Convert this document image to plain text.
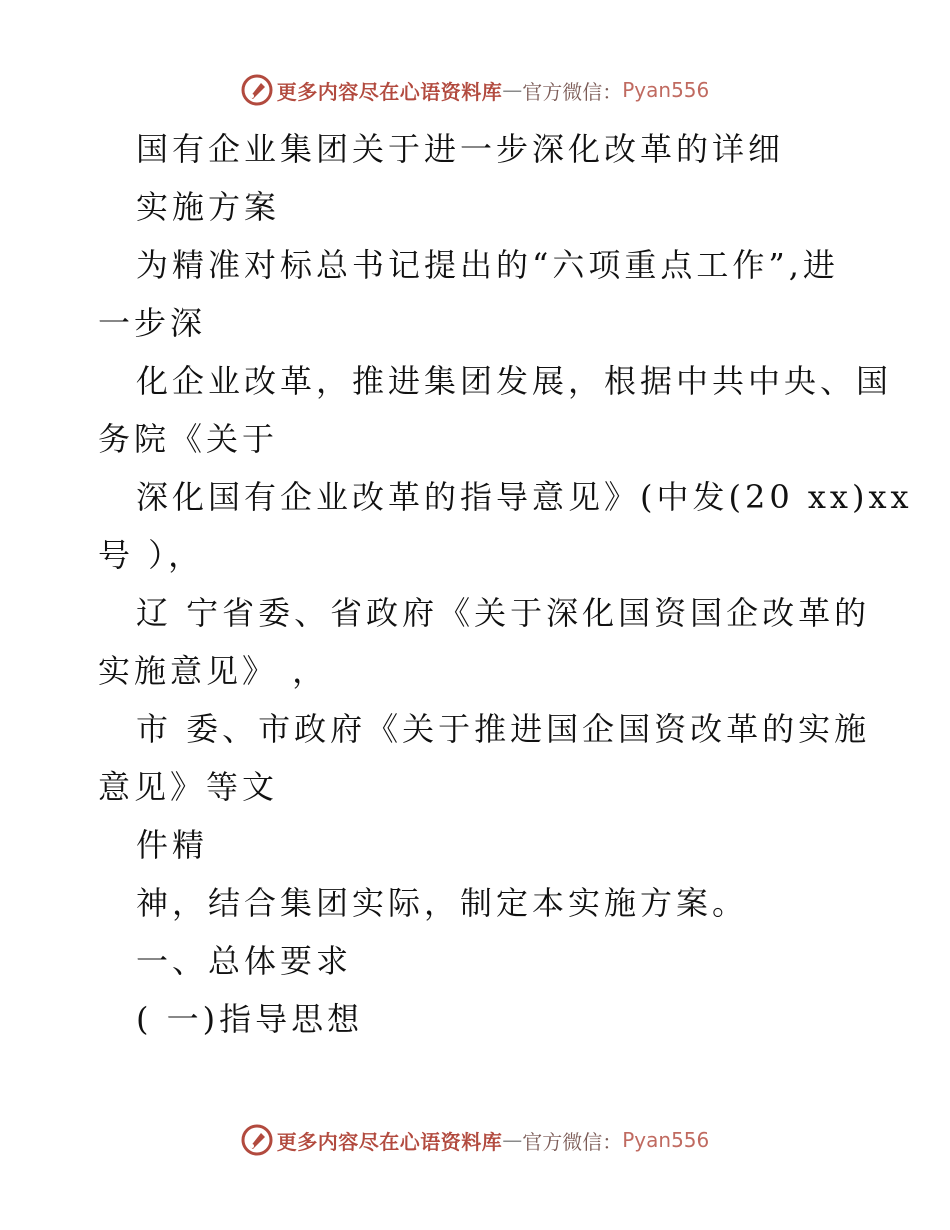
更多内容尽在心语资料库 — 官方微信： Pyan556
国有企业集团关于进一步深化改革的详细
实施方案
为精准对标总书记提出的“六项重点工作”,进
一步深
化企业改革，推进集团发展，根据中共中央、国
务院《关于
深化国有企业改革的指导意见》(中发(20 xx)xx
号 ），
辽 宁省委、省政府《关于深化国资国企改革的
实施意见》 ，
市 委、市政府《关于推进国企国资改革的实施
意见》等文
件精
神，结合集团实际，制定本实施方案。
一、总体要求
( 一)指导思想
更多内容尽在心语资料库 — 官方微信： Pyan556
